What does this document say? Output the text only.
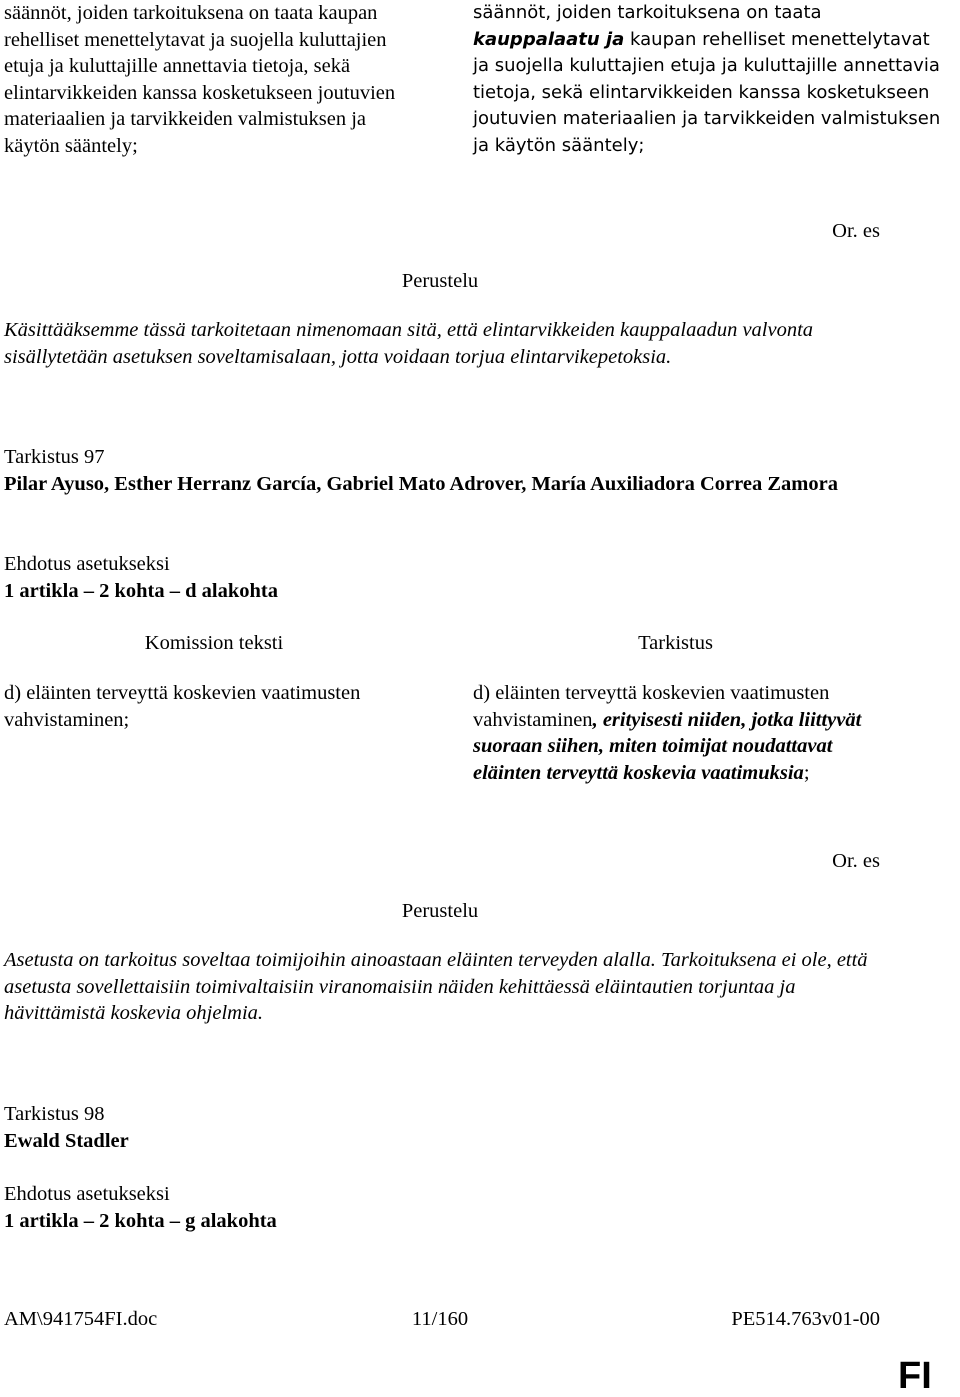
säännöt, joiden tarkoituksena on taata kaupan rehelliset menettelytavat ja suojella kuluttajien etuja ja kuluttajille annettavia tietoja, sekä elintarvikkeiden kanssa kosketukseen joutuvien materiaalien ja tarvikkeiden valmistuksen ja käytön sääntely;

säännöt, joiden tarkoituksena on taata kauppalaatu ja kaupan rehelliset menettelytavat ja suojella kuluttajien etuja ja kuluttajille annettavia tietoja, sekä elintarvikkeiden kanssa kosketukseen joutuvien materiaalien ja tarvikkeiden valmistuksen ja käytön sääntely;

Or. es

Perustelu

Käsittääksemme tässä tarkoitetaan nimenomaan sitä, että elintarvikkeiden kauppalaadun valvonta sisällytetään asetuksen soveltamisalaan, jotta voidaan torjua elintarvikepetoksia.

Tarkistus 97

Pilar Ayuso, Esther Herranz García, Gabriel Mato Adrover, María Auxiliadora Correa Zamora

Ehdotus asetukseksi

1 artikla – 2 kohta – d alakohta

Komission teksti	Tarkistus

d) eläinten terveyttä koskevien vaatimusten vahvistaminen;

d) eläinten terveyttä koskevien vaatimusten vahvistaminen, erityisesti niiden, jotka liittyvät suoraan siihen, miten toimijat noudattavat eläinten terveyttä koskevia vaatimuksia;

Or. es

Perustelu

Asetusta on tarkoitus soveltaa toimijoihin ainoastaan eläinten terveyden alalla. Tarkoituksena ei ole, että asetusta sovellettaisiin toimivaltaisiin viranomaisiin näiden kehittäessä eläintautien torjuntaa ja hävittämistä koskevia ohjelmia.

Tarkistus 98

Ewald Stadler

Ehdotus asetukseksi

1 artikla – 2 kohta – g alakohta

AM\941754FI.doc	11/160	PE514.763v01-00

FI
